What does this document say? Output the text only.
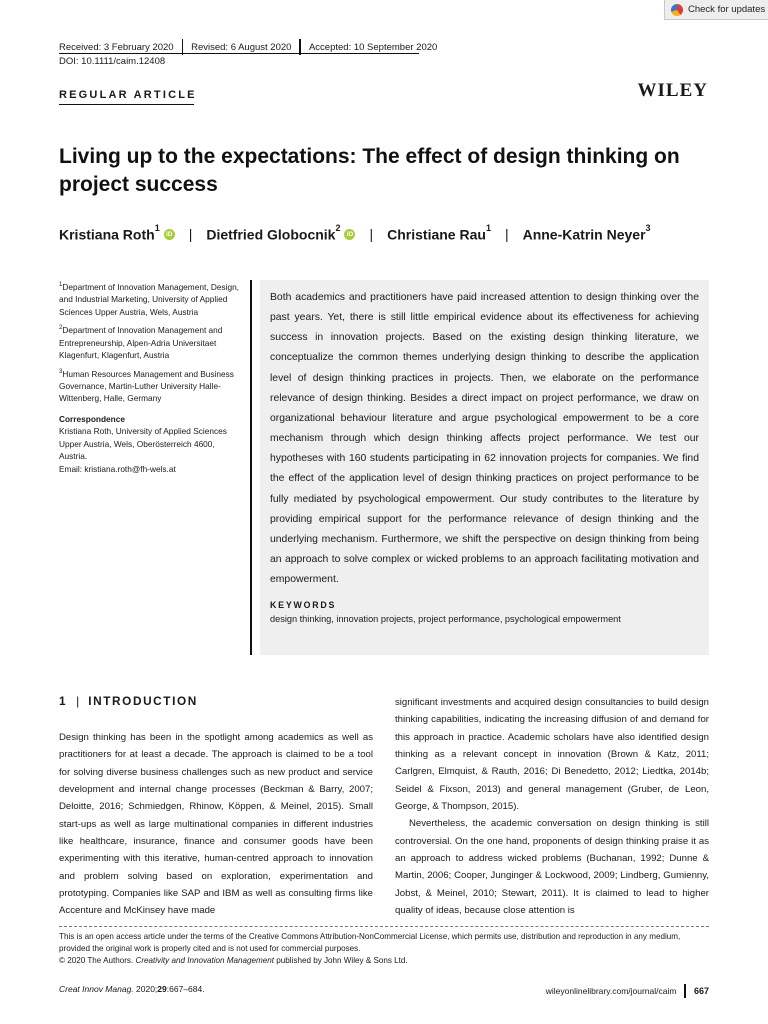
Check for updates
Received: 3 February 2020 Revised: 6 August 2020 Accepted: 10 September 2020
DOI: 10.1111/caim.12408
REGULAR ARTICLE	WILEY
Living up to the expectations: The effect of design thinking on project success
Kristiana Roth$^1$
iD | Dietfried Globocnik$^2$
iD | Christiane Rau$^1$ | Anne-Katrin Neyer$^3$
$^1$Department of Innovation Management, Design, and Industrial Marketing, University of Applied Sciences Upper Austria, Wels, Austria
$^2$Department of Innovation Management and Entrepreneurship, Alpen-Adria Universitaet Klagenfurt, Klagenfurt, Austria
$^3$Human Resources Management and Business Governance, Martin-Luther University Halle-Wittenberg, Halle, Germany
Correspondence
Kristiana Roth, University of Applied Sciences Upper Austria, Wels, Oberösterreich 4600, Austria.
Email: kristiana.roth@fh-wels.at

Both academics and practitioners have paid increased attention to design thinking over the past years. Yet, there is still little empirical evidence about its effectiveness for achieving success in innovation projects. Based on the existing design thinking literature, we conceptualize the common themes underlying design thinking to describe the application level of design thinking practices in projects. Then, we elaborate on the performance relevance of design thinking. Besides a direct impact on project performance, we draw on organizational behaviour literature and argue psychological empowerment to be a core mechanism through which design thinking affects project performance. We test our hypotheses with 160 students participating in 62 innovation projects for companies. We find the effect of the application level of design thinking practices on project performance to be fully mediated by psychological empowerment. Our study contributes to the literature by providing empirical support for the performance relevance of design thinking and the underlying mechanism. Furthermore, we shift the perspective on design thinking from being an approach to solve complex or wicked problems to an approach facilitating motivation and empowerment.

KEYWORDS
design thinking, innovation projects, project performance, psychological empowerment
1 | INTRODUCTION

Design thinking has been in the spotlight among academics as well as practitioners for at least a decade. The approach is claimed to be a tool for solving diverse business challenges such as new product and service development and internal change processes (Beckman & Barry, 2007; Deloitte, 2016; Schmiedgen, Rhinow, Köppen, & Meinel, 2015). Small start-ups as well as large multinational companies in different industries like healthcare, insurance, finance and consumer goods have been experimenting with this iterative, human-centred approach to innovation and problem solving based on exploration, experimentation and prototyping. Companies like SAP and IBM as well as consulting firms like Accenture and McKinsey have made

significant investments and acquired design consultancies to build design thinking capabilities, indicating the increasing diffusion of and demand for this approach in practice. Academic scholars have also identified design thinking as a relevant concept in innovation (Brown & Katz, 2011; Carlgren, Elmquist, & Rauth, 2016; Di Benedetto, 2012; Liedtka, 2014b; Seidel & Fixson, 2013) and general management (Gruber, de Leon, George, & Thompson, 2015).

Nevertheless, the academic conversation on design thinking is still controversial. On the one hand, proponents of design thinking praise it as an approach to address wicked problems (Buchanan, 1992; Dunne & Martin, 2006; Cooper, Junginger & Lockwood, 2009; Lindberg, Gumienny, Jobst, & Meinel, 2010; Stewart, 2011). It is claimed to lead to higher quality of ideas, because close attention is

This is an open access article under the terms of the Creative Commons Attribution-NonCommercial License, which permits use, distribution and reproduction in any medium, provided the original work is properly cited and is not used for commercial purposes.
© 2020 The Authors. Creativity and Innovation Management published by John Wiley & Sons Ltd.
Creat Innov Manag. 2020;29:667–684.	wileyonlinelibrary.com/journal/caim 667
